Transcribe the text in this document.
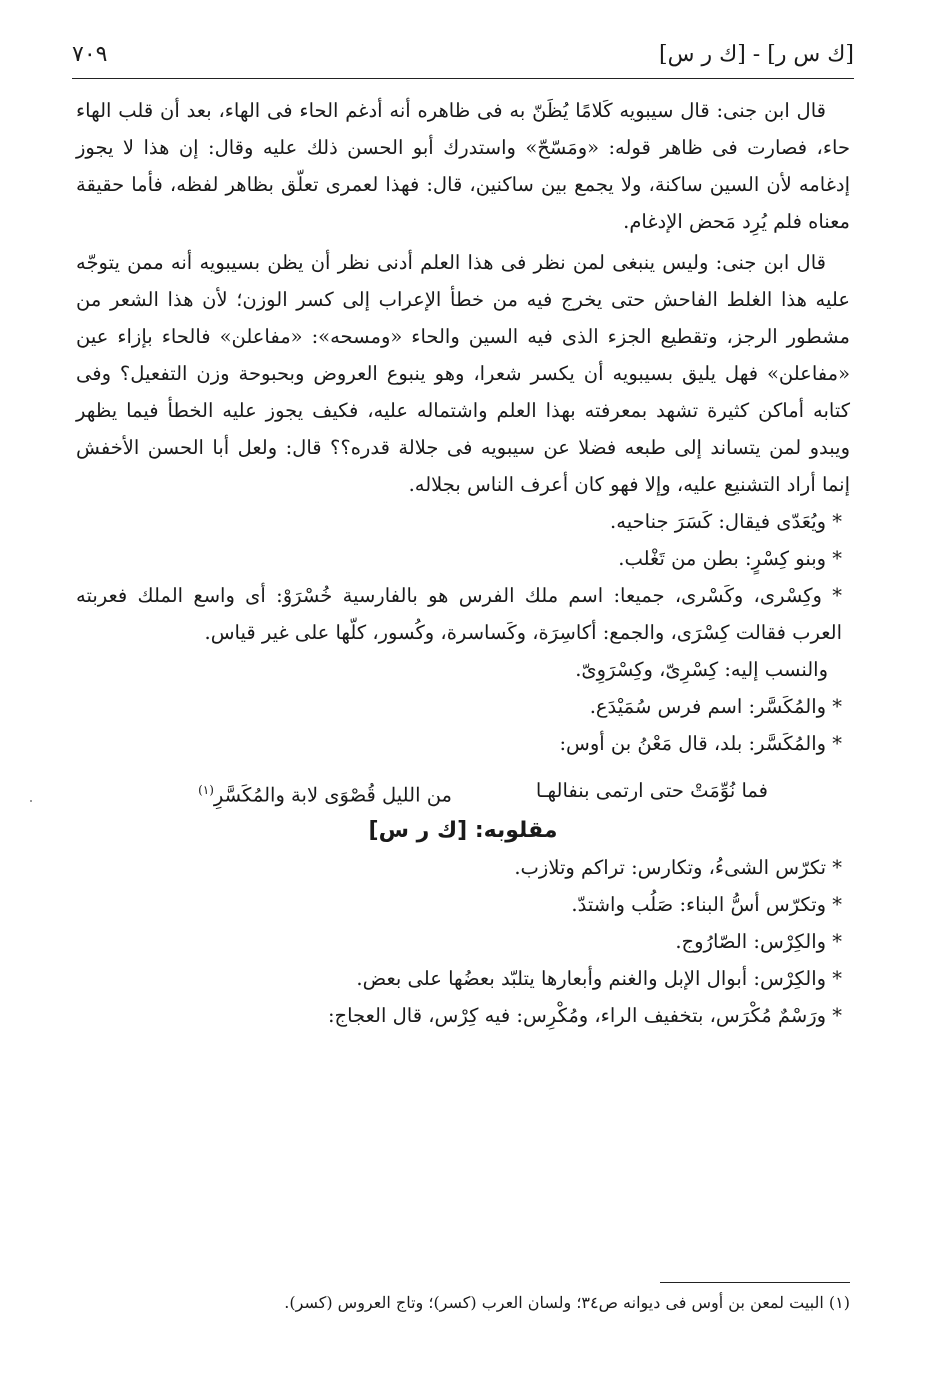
[ك س ر] - [ك ر س]
٧٠٩

قال ابن جنى: قال سيبويه كَلامًا يُظَنّ به فى ظاهره أنه أدغم الحاء فى الهاء، بعد أن قلب الهاء حاء، فصارت فى ظاهر قوله: «ومَسّحّ» واستدرك أبو الحسن ذلك عليه وقال: إن هذا لا يجوز إدغامه لأن السين ساكنة، ولا يجمع بين ساكنين، قال: فهذا لعمرى تعلّق بظاهر لفظه، فأما حقيقة معناه فلم يُرِد مَحض الإدغام.

قال ابن جنى: وليس ينبغى لمن نظر فى هذا العلم أدنى نظر أن يظن بسيبويه أنه ممن يتوجّه عليه هذا الغلط الفاحش حتى يخرج فيه من خطأ الإعراب إلى كسر الوزن؛ لأن هذا الشعر من مشطور الرجز، وتقطيع الجزء الذى فيه السين والحاء «ومسحه»: «مفاعلن» فالحاء بإزاء عين «مفاعلن» فهل يليق بسيبويه أن يكسر شعرا، وهو ينبوع العروض وبحبوحة وزن التفعيل؟ وفى كتابه أماكن كثيرة تشهد بمعرفته بهذا العلم واشتماله عليه، فكيف يجوز عليه الخطأ فيما يظهر ويبدو لمن يتساند إلى طبعه فضلا عن سيبويه فى جلالة قدره؟؟ قال: ولعل أبا الحسن الأخفش إنما أراد التشنيع عليه، وإلا فهو كان أعرف الناس بجلاله.

* ويُعَدّى فيقال: كَسَرَ جناحيه.

* وبنو كِسْرٍ: بطن من تَغْلب.

* وكِسْرى، وكَسْرى، جميعا: اسم ملك الفرس هو بالفارسية خُسْرَوْ: أى واسع الملك فعربته العرب فقالت كِسْرَى، والجمع: أكاسِرَة، وكَساسرة، وكُسور، كلّها على غير قياس.

والنسب إليه: كِسْرِىّ، وكِسْرَوِىّ.

* والمُكَسَّر: اسم فرس سُمَيْدَع.

* والمُكَسَّر: بلد، قال مَعْنُ بن أوس:

فما نُوِّمَتْ حتى ارتمى بنفالهـا
من الليل قُصْوَى لابة والمُكَسَّرِ$^{(١)}$

مقلوبه: [ك ر س]

* تكرّس الشىءُ، وتكارس: تراكم وتلازب.

* وتكرّس أسُّ البناء: صَلُب واشتدّ.

* والكِرْس: الصّارُوج.

* والكِرْس: أبوال الإبل والغنم وأبعارها يتلبّد بعضُها على بعض.

* ورَسْمٌ مُكْرَس، بتخفيف الراء، ومُكْرِس: فيه كِرْس، قال العجاج:

(١) البيت لمعن بن أوس فى ديوانه ص٣٤؛ ولسان العرب (كسر)؛ وتاج العروس (كسر).
